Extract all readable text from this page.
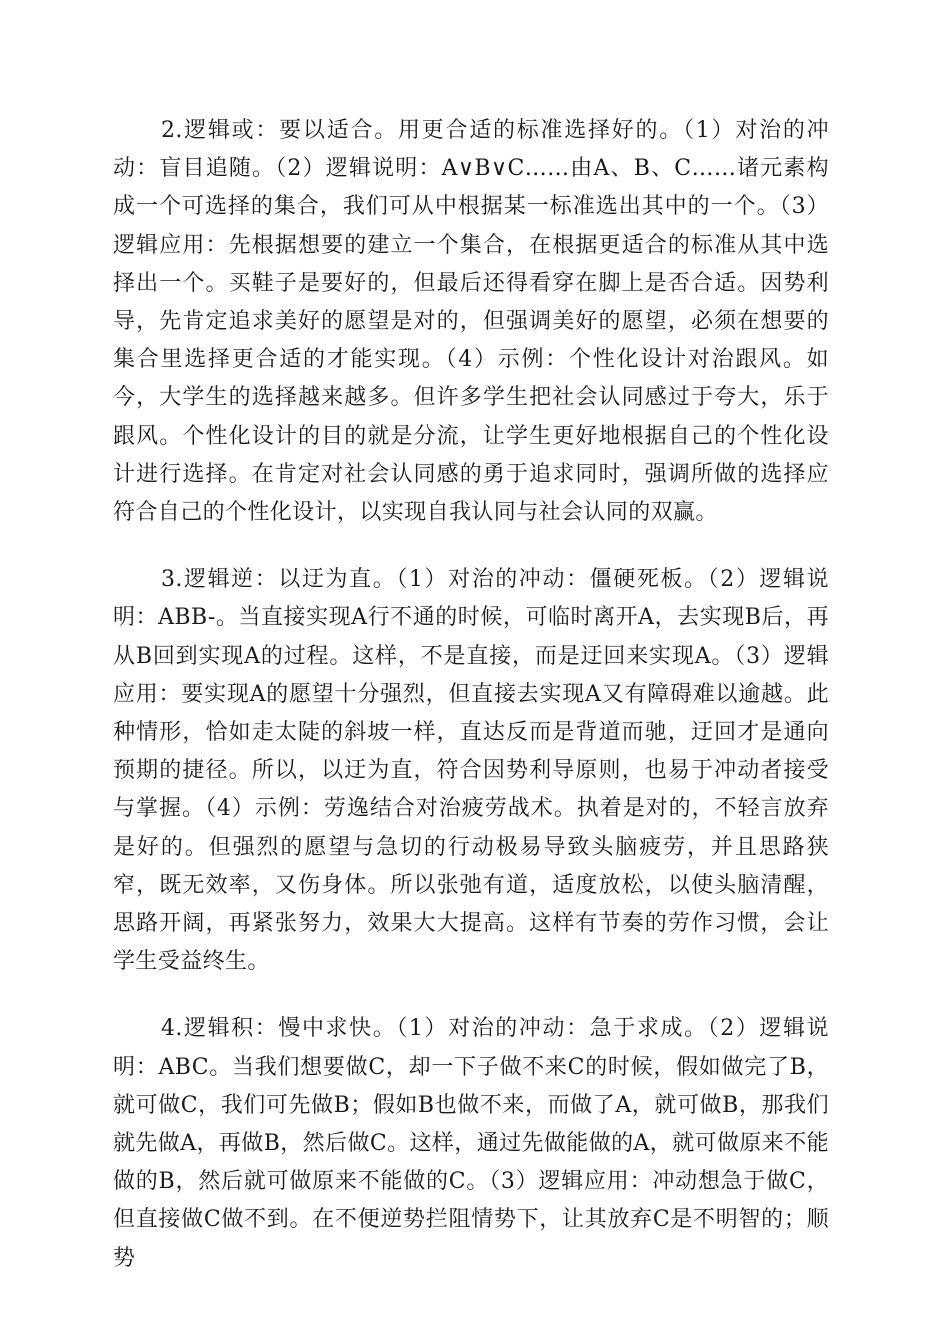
2.逻辑或：要以适合。用更合适的标准选择好的。（1）对治的冲动：盲目追随。（2）逻辑说明：A∨B∨C……由A、B、C……诸元素构成一个可选择的集合，我们可从中根据某一标准选出其中的一个。（3）逻辑应用：先根据想要的建立一个集合，在根据更适合的标准从其中选择出一个。买鞋子是要好的，但最后还得看穿在脚上是否合适。因势利导，先肯定追求美好的愿望是对的，但强调美好的愿望，必须在想要的集合里选择更合适的才能实现。（4）示例：个性化设计对治跟风。如今，大学生的选择越来越多。但许多学生把社会认同感过于夸大，乐于跟风。个性化设计的目的就是分流，让学生更好地根据自己的个性化设计进行选择。在肯定对社会认同感的勇于追求同时，强调所做的选择应符合自己的个性化设计，以实现自我认同与社会认同的双赢。

3.逻辑逆：以迂为直。（1）对治的冲动：僵硬死板。（2）逻辑说明：ABB-。当直接实现A行不通的时候，可临时离开A，去实现B后，再从B回到实现A的过程。这样，不是直接，而是迂回来实现A。（3）逻辑应用：要实现A的愿望十分强烈，但直接去实现A又有障碍难以逾越。此种情形，恰如走太陡的斜坡一样，直达反而是背道而驰，迂回才是通向预期的捷径。所以，以迂为直，符合因势利导原则，也易于冲动者接受与掌握。（4）示例：劳逸结合对治疲劳战术。执着是对的，不轻言放弃是好的。但强烈的愿望与急切的行动极易导致头脑疲劳，并且思路狭窄，既无效率，又伤身体。所以张弛有道，适度放松，以使头脑清醒，思路开阔，再紧张努力，效果大大提高。这样有节奏的劳作习惯，会让学生受益终生。

4.逻辑积：慢中求快。（1）对治的冲动：急于求成。（2）逻辑说明：ABC。当我们想要做C，却一下子做不来C的时候，假如做完了B，就可做C，我们可先做B；假如B也做不来，而做了A，就可做B，那我们就先做A，再做B，然后做C。这样，通过先做能做的A，就可做原来不能做的B，然后就可做原来不能做的C。（3）逻辑应用：冲动想急于做C，但直接做C做不到。在不便逆势拦阻情势下，让其放弃C是不明智的；顺势
